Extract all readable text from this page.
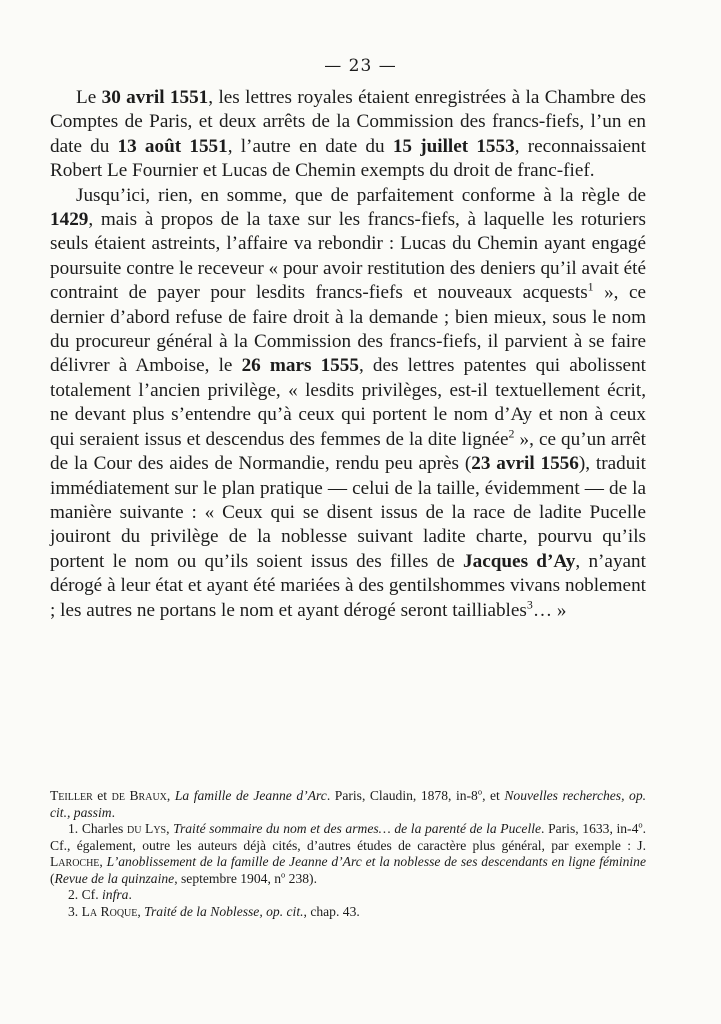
— 23 —

Le 30 avril 1551, les lettres royales étaient enregistrées à la Chambre des Comptes de Paris, et deux arrêts de la Commission des francs-fiefs, l’un en date du 13 août 1551, l’autre en date du 15 juillet 1553, reconnaissaient Robert Le Fournier et Lucas de Chemin exempts du droit de franc-fief.

Jusqu’ici, rien, en somme, que de parfaitement conforme à la règle de 1429, mais à propos de la taxe sur les francs-fiefs, à laquelle les roturiers seuls étaient astreints, l’affaire va rebondir : Lucas du Chemin ayant engagé poursuite contre le receveur « pour avoir restitution des deniers qu’il avait été contraint de payer pour lesdits francs-fiefs et nouveaux acquests$^1$ », ce dernier d’abord refuse de faire droit à la demande ; bien mieux, sous le nom du procureur général à la Commission des francs-fiefs, il parvient à se faire délivrer à Amboise, le 26 mars 1555, des lettres patentes qui abolissent totalement l’ancien privilège, « lesdits privilèges, est-il textuellement écrit, ne devant plus s’entendre qu’à ceux qui portent le nom d’Ay et non à ceux qui seraient issus et descendus des femmes de la dite lignée$^2$ », ce qu’un arrêt de la Cour des aides de Normandie, rendu peu après (23 avril 1556), traduit immédiatement sur le plan pratique — celui de la taille, évidemment — de la manière suivante : « Ceux qui se disent issus de la race de ladite Pucelle jouiront du privilège de la noblesse suivant ladite charte, pourvu qu’ils portent le nom ou qu’ils soient issus des filles de Jacques d’Ay, n’ayant dérogé à leur état et ayant été mariées à des gentilshommes vivans noblement ; les autres ne portans le nom et ayant dérogé seront tailliables$^3$… »

Teiller et de Braux, La famille de Jeanne d’Arc. Paris, Claudin, 1878, in-8$^o$, et Nouvelles recherches, op. cit., passim.

1. Charles du Lys, Traité sommaire du nom et des armes… de la parenté de la Pucelle. Paris, 1633, in-4$^o$. Cf., également, outre les auteurs déjà cités, d’autres études de caractère plus général, par exemple : J. Laroche, L’anoblissement de la famille de Jeanne d’Arc et la noblesse de ses descendants en ligne féminine (Revue de la quinzaine, septembre 1904, $n^o$ 238).

2. Cf. infra.

3. La Roque, Traité de la Noblesse, op. cit., chap. 43.
